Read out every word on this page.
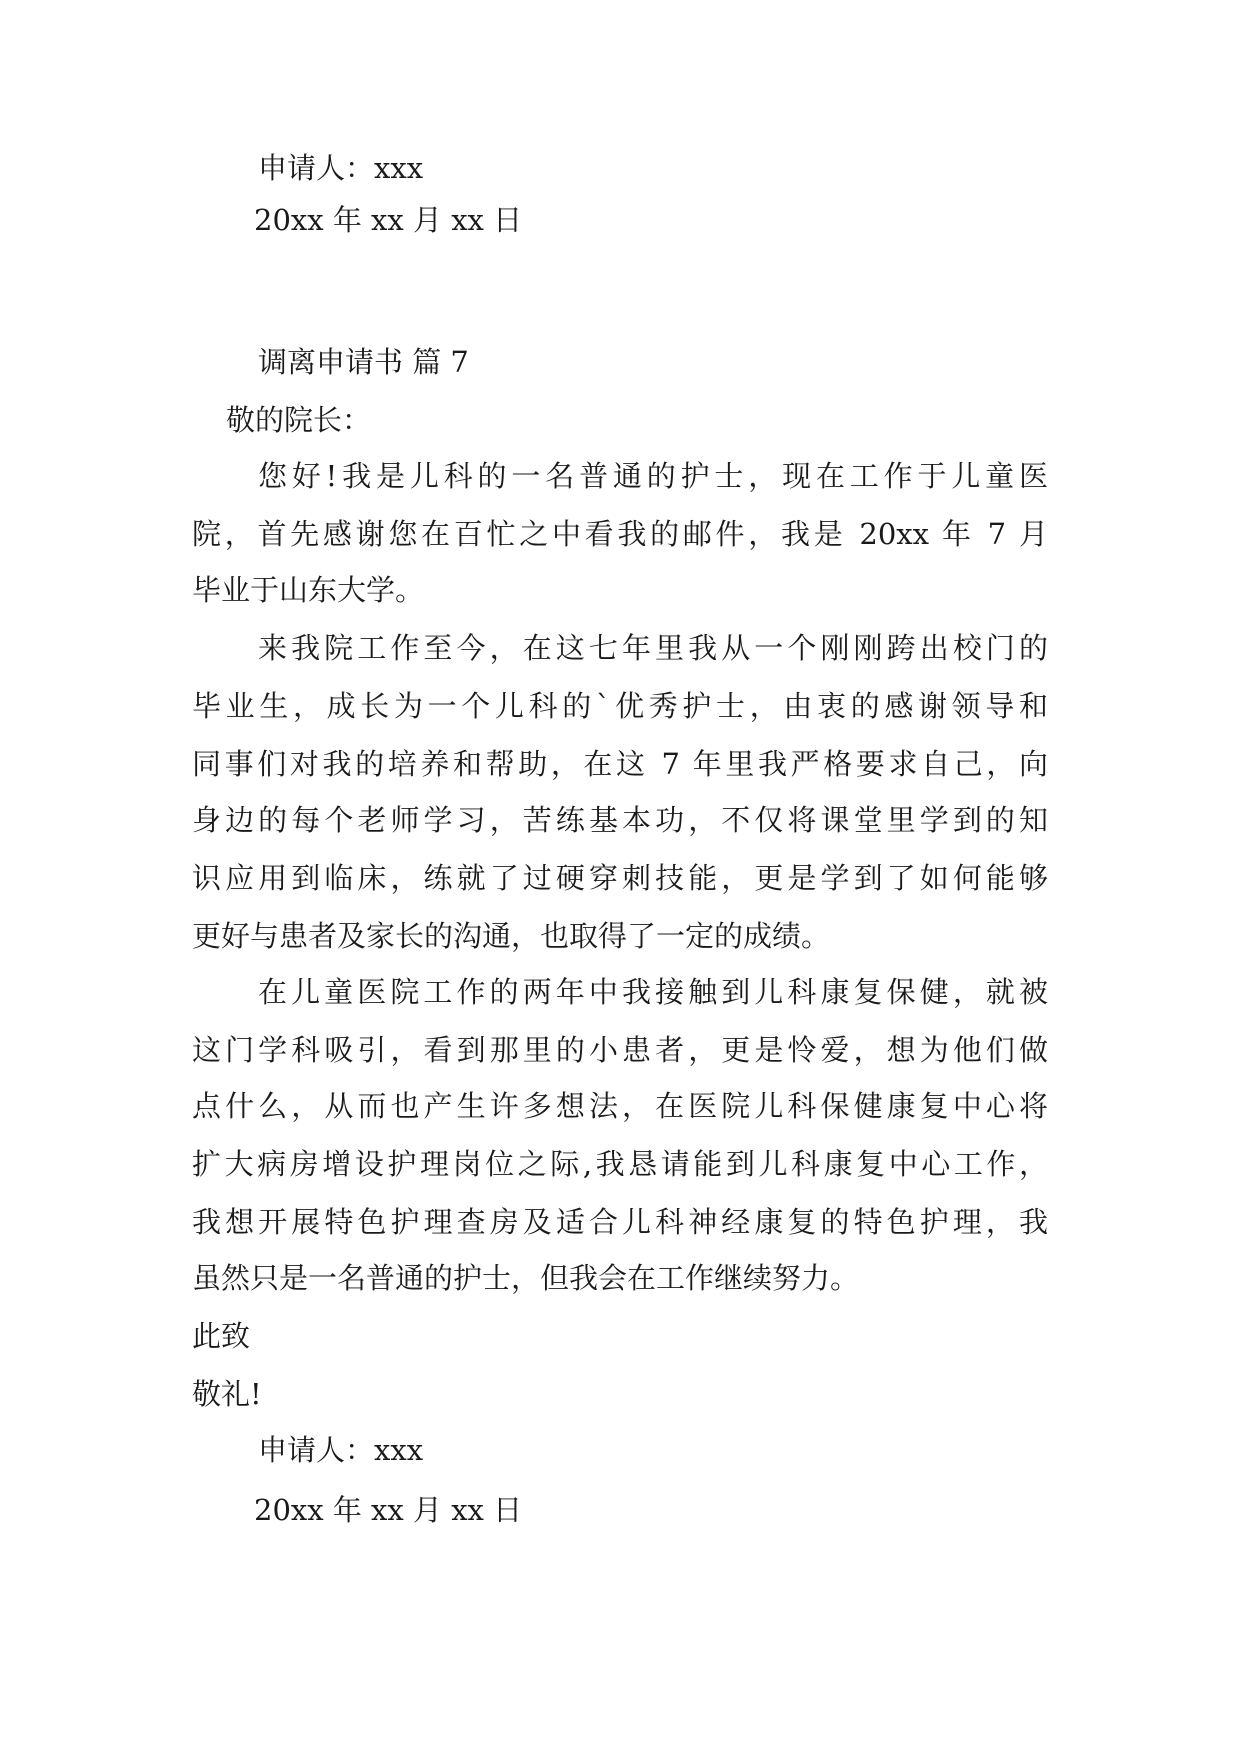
申请人：xxx

20xx 年 xx 月 xx 日

调离申请书 篇 7

敬的院长：

您好!我是儿科的一名普通的护士，现在工作于儿童医

院，首先感谢您在百忙之中看我的邮件，我是 20xx 年 7 月

毕业于山东大学。

来我院工作至今，在这七年里我从一个刚刚跨出校门的

毕业生，成长为一个儿科的`优秀护士，由衷的感谢领导和

同事们对我的培养和帮助，在这 7 年里我严格要求自己，向

身边的每个老师学习，苦练基本功，不仅将课堂里学到的知

识应用到临床，练就了过硬穿刺技能，更是学到了如何能够

更好与患者及家长的沟通，也取得了一定的成绩。

在儿童医院工作的两年中我接触到儿科康复保健，就被

这门学科吸引，看到那里的小患者，更是怜爱，想为他们做

点什么，从而也产生许多想法，在医院儿科保健康复中心将

扩大病房增设护理岗位之际,我恳请能到儿科康复中心工作，

我想开展特色护理查房及适合儿科神经康复的特色护理，我

虽然只是一名普通的护士，但我会在工作继续努力。

此致

敬礼!

申请人：xxx

20xx 年 xx 月 xx 日
